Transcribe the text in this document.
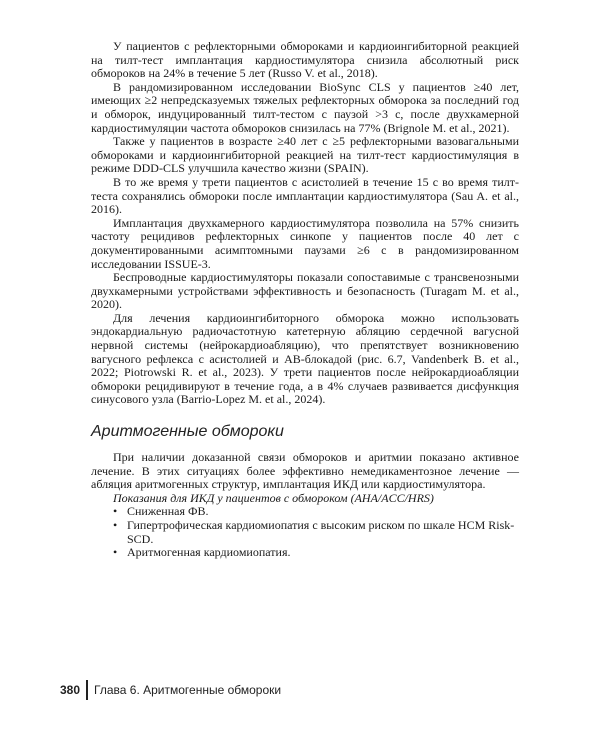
У пациентов с рефлекторными обмороками и кардиоингибиторной реакцией на тилт-тест имплантация кардиостимулятора снизила абсолютный риск обмороков на 24% в течение 5 лет (Russo V. et al., 2018).

В рандомизированном исследовании BioSync CLS у пациентов ≥40 лет, имеющих ≥2 непредсказуемых тяжелых рефлекторных обморока за последний год и обморок, индуцированный тилт-тестом с паузой >3 с, после двухкамерной кардиостимуляции частота обмороков снизилась на 77% (Brignole M. et al., 2021).

Также у пациентов в возрасте ≥40 лет с ≥5 рефлекторными вазовагальными обмороками и кардиоингибиторной реакцией на тилт-тест кардиостимуляция в режиме DDD-CLS улучшила качество жизни (SPAIN).

В то же время у трети пациентов с асистолией в течение 15 с во время тилт-теста сохранялись обмороки после имплантации кардиостимулятора (Sau A. et al., 2016).

Имплантация двухкамерного кардиостимулятора позволила на 57% снизить частоту рецидивов рефлекторных синкопе у пациентов после 40 лет с документированными асимптомными паузами ≥6 с в рандомизированном исследовании ISSUE-3.

Беспроводные кардиостимуляторы показали сопоставимые с трансвенозными двухкамерными устройствами эффективность и безопасность (Turagam M. et al., 2020).

Для лечения кардиоингибиторного обморока можно использовать эндокардиальную радиочастотную катетерную абляцию сердечной вагусной нервной системы (нейрокардиоабляцию), что препятствует возникновению вагусного рефлекса с асистолией и АВ-блокадой (рис. 6.7, Vandenberk B. et al., 2022; Piotrowski R. et al., 2023). У трети пациентов после нейрокардиоабляции обмороки рецидивируют в течение года, а в 4% случаев развивается дисфункция синусового узла (Barrio-Lopez M. et al., 2024).

Аритмогенные обмороки

При наличии доказанной связи обмороков и аритмии показано активное лечение. В этих ситуациях более эффективно немедикаментозное лечение — абляция аритмогенных структур, имплантация ИКД или кардиостимулятора.

Показания для ИКД у пациентов с обмороком (AHA/ACC/HRS)

• Сниженная ФВ.
• Гипертрофическая кардиомиопатия с высоким риском по шкале HCM Risk-SCD.
• Аритмогенная кардиомиопатия.
380 Глава 6. Аритмогенные обмороки
